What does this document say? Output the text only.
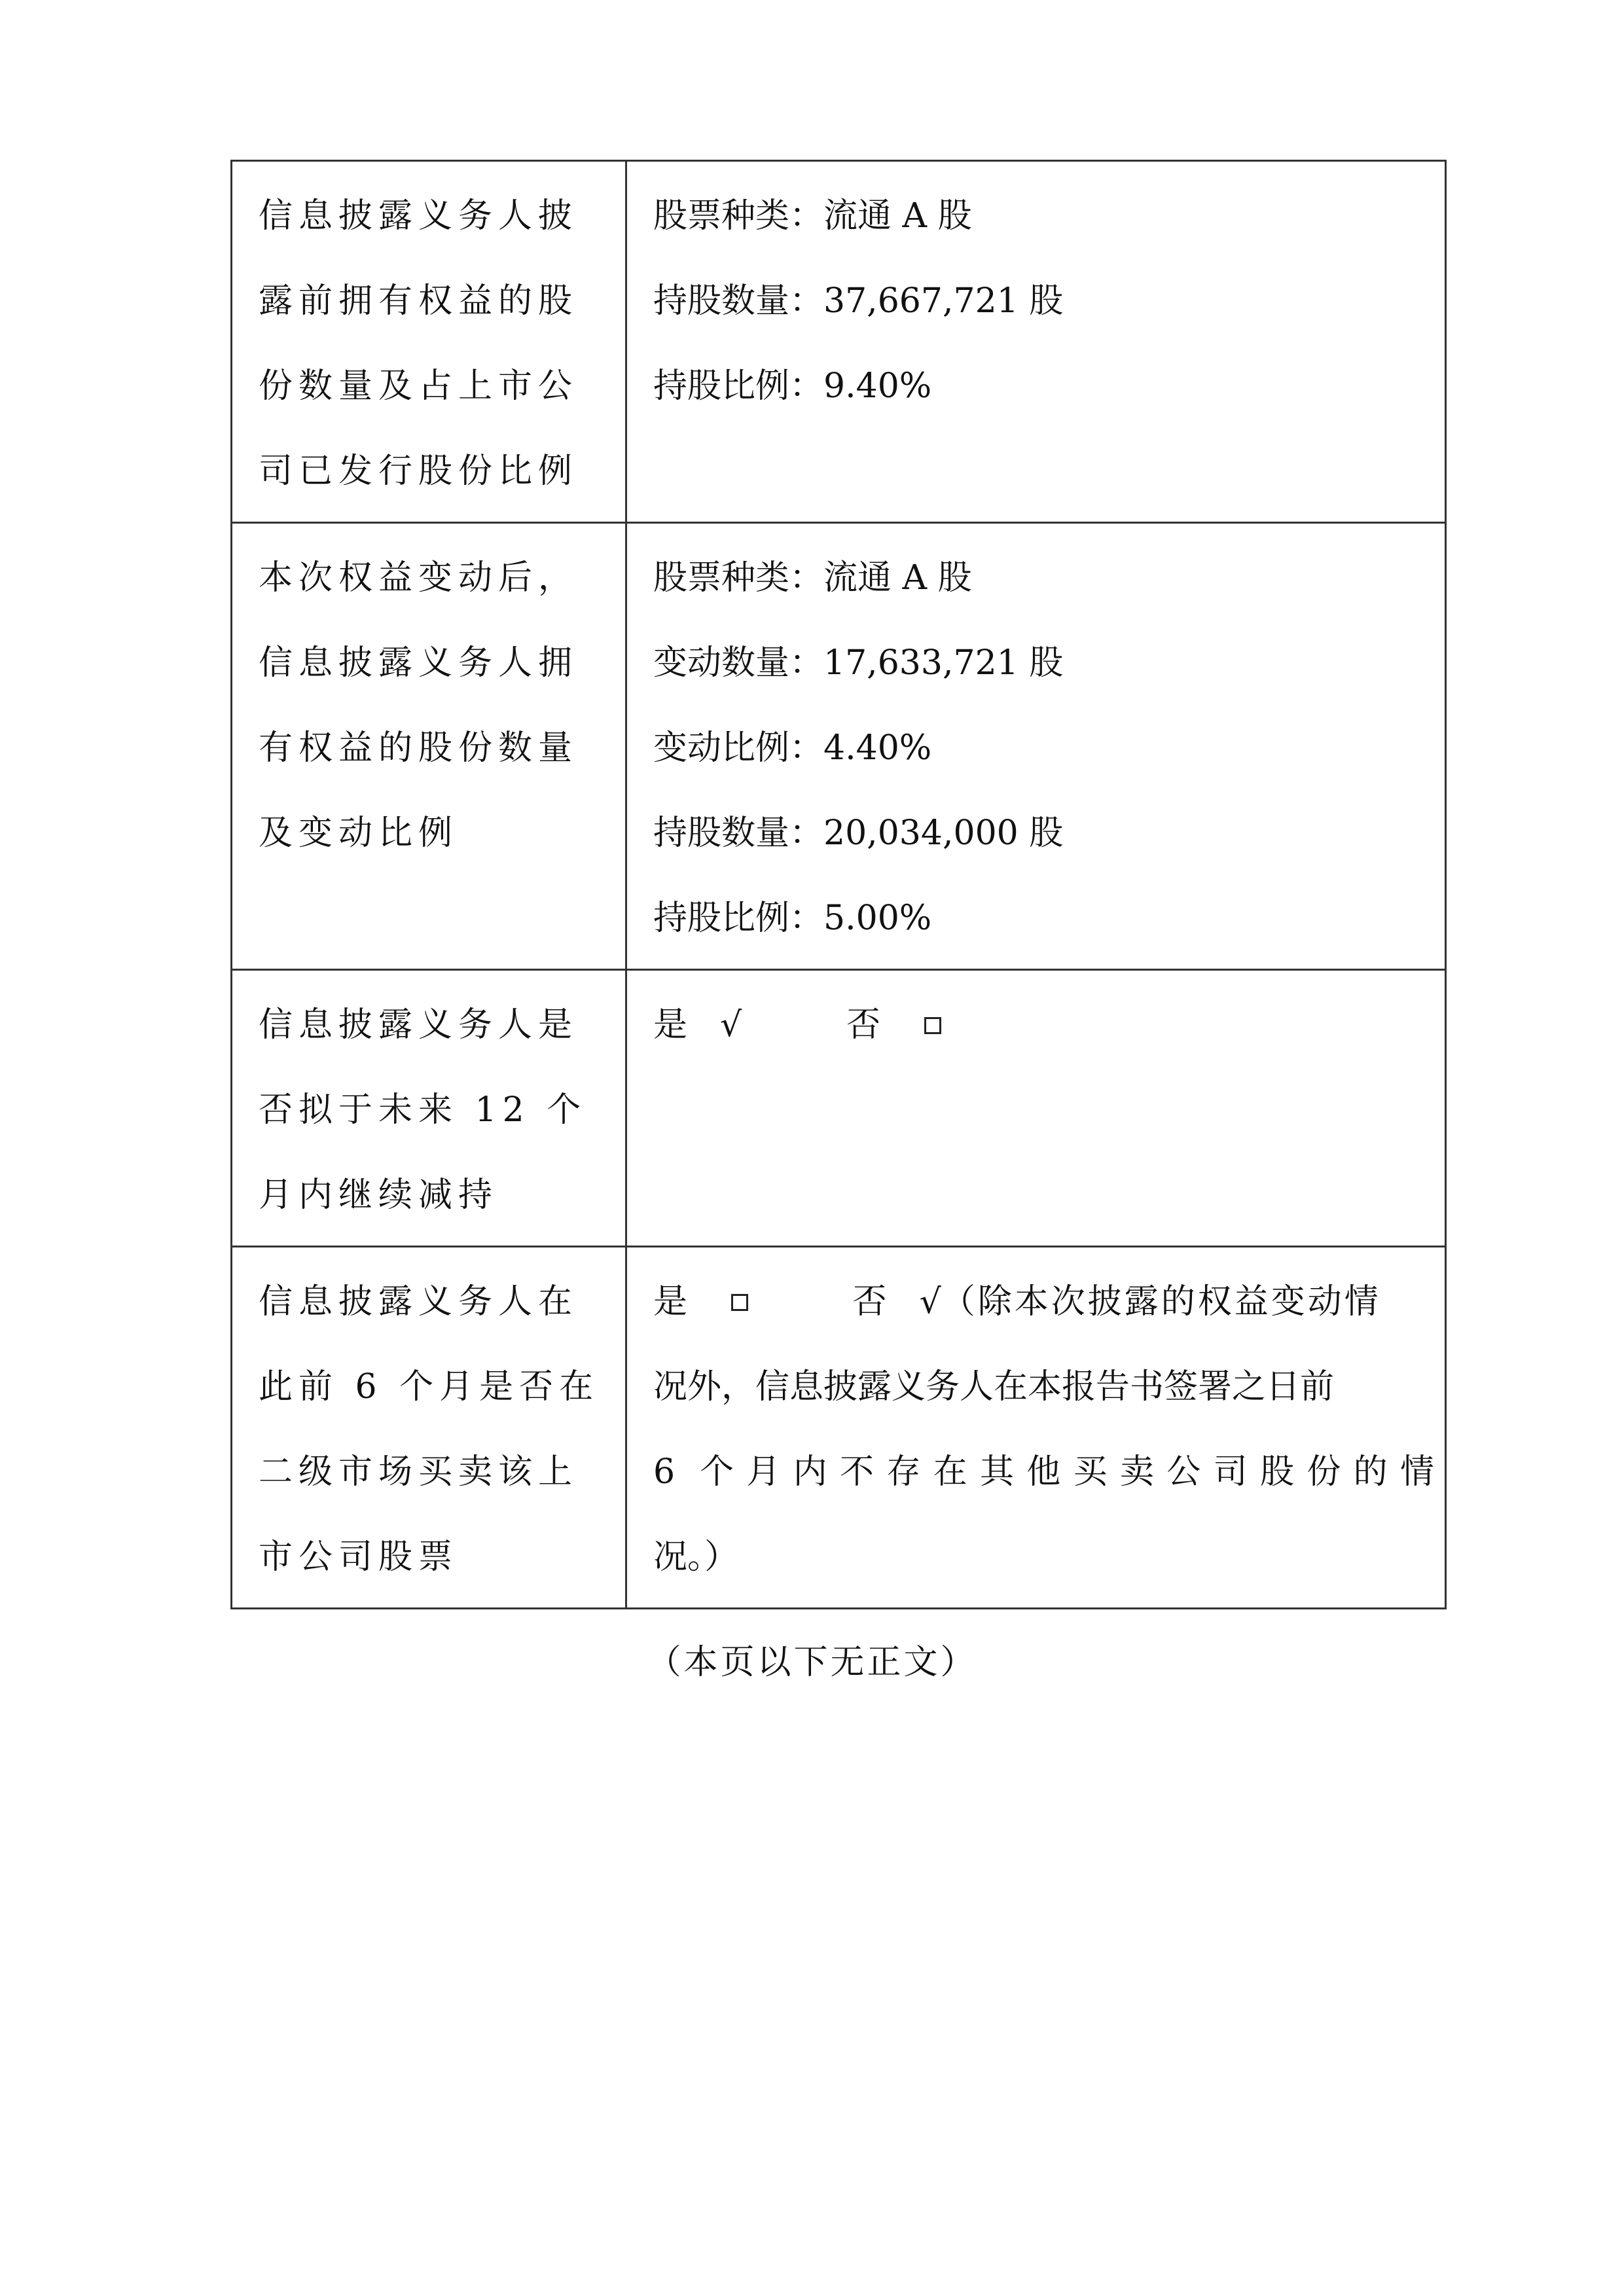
信息披露义务人披露前拥有权益的股份数量及占上市公司已发行股份比例	股票种类：流通 A 股
持股数量：37,667,721 股
持股比例：9.40%

本次权益变动后，信息披露义务人拥有权益的股份数量及变动比例	股票种类：流通 A 股
变动数量：17,633,721 股
变动比例：4.40%
持股数量：20,034,000 股
持股比例：5.00%

信息披露义务人是否拟于未来 12 个月内继续减持	是 √ 否

信息披露义务人在此前 6 个月是否在二级市场买卖该上市公司股票	是 否 √（除本次披露的权益变动情
况外，信息披露义务人在本报告书签署之日前
6 个月内不存在其他买卖公司股份的情
况。）
（本页以下无正文）
